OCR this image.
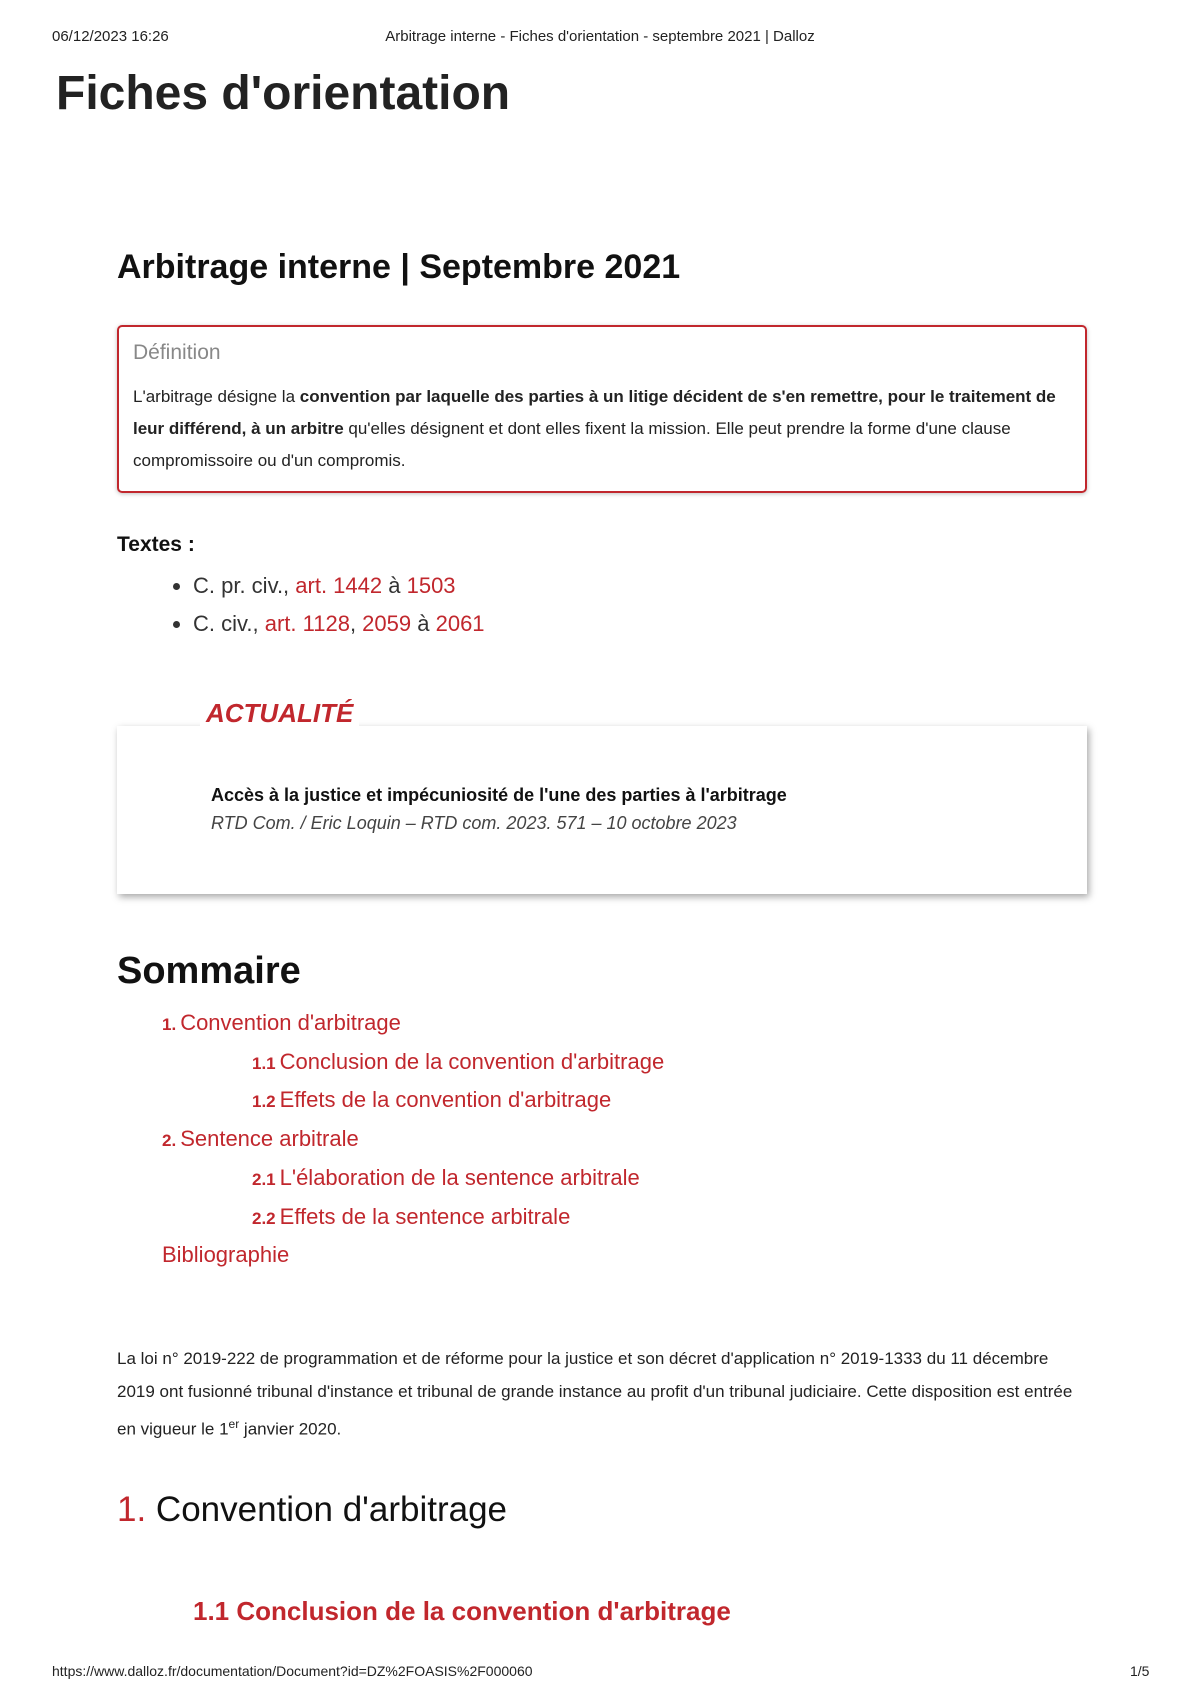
06/12/2023 16:26	Arbitrage interne - Fiches d'orientation - septembre 2021 | Dalloz
Fiches d'orientation
Arbitrage interne | Septembre 2021
Définition
L'arbitrage désigne la convention par laquelle des parties à un litige décident de s'en remettre, pour le traitement de leur différend, à un arbitre qu'elles désignent et dont elles fixent la mission. Elle peut prendre la forme d'une clause compromissoire ou d'un compromis.
Textes :
• C. pr. civ., art. 1442 à 1503
• C. civ., art. 1128, 2059 à 2061
ACTUALITÉ
Accès à la justice et impécuniosité de l'une des parties à l'arbitrage
RTD Com. / Eric Loquin – RTD com. 2023. 571 – 10 octobre 2023
Sommaire
1. Convention d'arbitrage
1.1 Conclusion de la convention d'arbitrage
1.2 Effets de la convention d'arbitrage
2. Sentence arbitrale
2.1 L'élaboration de la sentence arbitrale
2.2 Effets de la sentence arbitrale
Bibliographie
La loi n° 2019-222 de programmation et de réforme pour la justice et son décret d'application n° 2019-1333 du 11 décembre 2019 ont fusionné tribunal d'instance et tribunal de grande instance au profit d'un tribunal judiciaire. Cette disposition est entrée en vigueur le 1er janvier 2020.
1. Convention d'arbitrage
1.1 Conclusion de la convention d'arbitrage
https://www.dalloz.fr/documentation/Document?id=DZ%2FOASIS%2F000060	1/5
